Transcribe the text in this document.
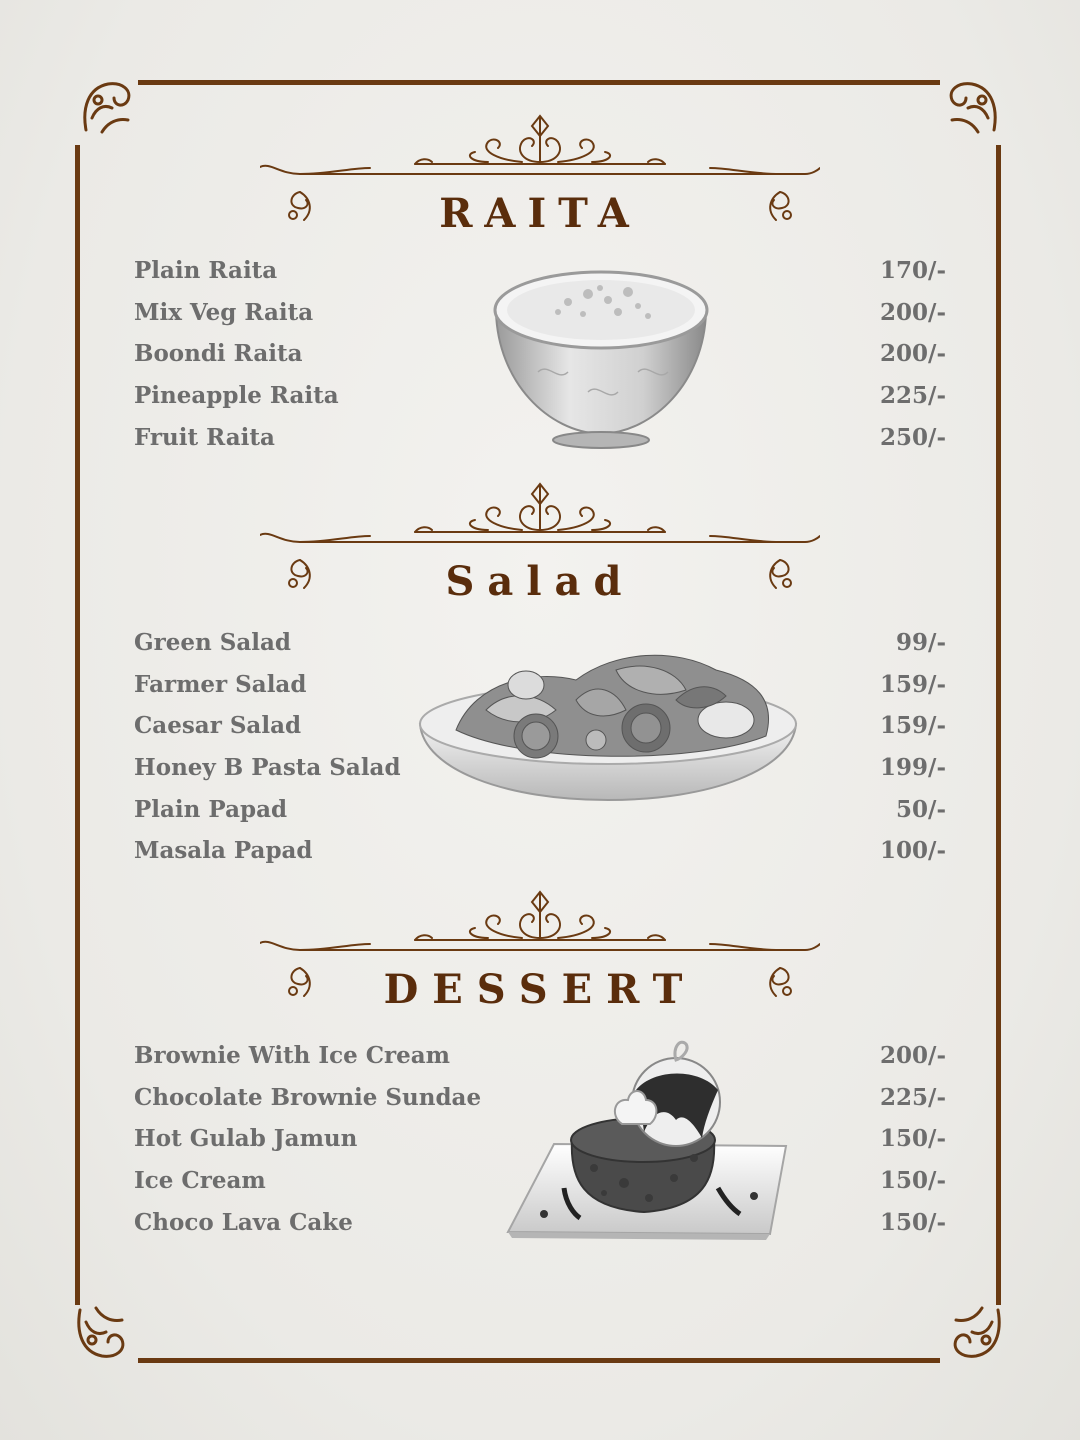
RAITA
Plain Raita	170/-
Mix Veg Raita	200/-
Boondi Raita	200/-
Pineapple Raita	225/-
Fruit Raita	250/-
Salad
Green Salad	99/-
Farmer Salad	159/-
Caesar Salad	159/-
Honey B Pasta Salad	199/-
Plain Papad	50/-
Masala Papad	100/-
DESSERT
Brownie With Ice Cream	200/-
Chocolate Brownie Sundae	225/-
Hot Gulab Jamun	150/-
Ice Cream	150/-
Choco Lava Cake	150/-
